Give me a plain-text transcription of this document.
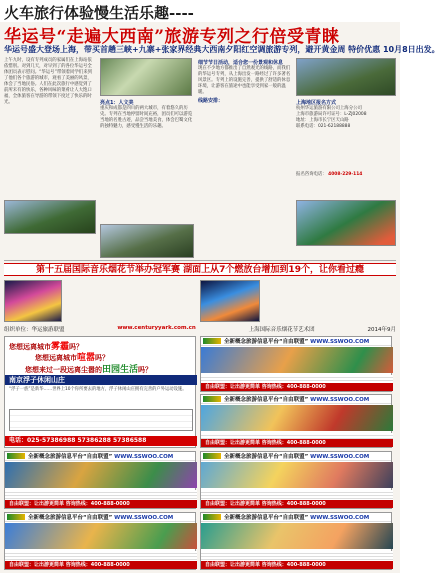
火车旅行体验慢生活乐趣----
华运号“走遍大西南”旅游专列之行倍受青睐
华运号盛大登场上海，带买首趟三峡+九寨+张家界经典大西南夕阳红空调旅游专列，避开黄金周 特价优惠 10月8日出发。
上午九时，设有专列成员的家属们在上海站依依惜别。对到几天，对早到了的各位华运号全体团员表示慰问。“华运号”带领着同学们来到了他们各个旅游的城市，观看了美丽的风景，体会了当地民俗。人们在此次旅行中感觉到了前所未有的快乐，各种风味的菜肴让人大饱口福，全体旅客在导游的带领下度过了快乐的时光。	亮点1：人文美
重庆和成都是四川的两大城市，有着悠久的历史。专列在当地停留时间充裕，团员们可以游览当地的名胜古迹，品尝当地美食，体会巴蜀文化的独特魅力，感受慢生活的乐趣。
细节节日活动，适合您一份景观和休息
现在不少地方都推出了自然观光的线路，而我们的华运号专列，从上海出发一路经过了许多著名风景区。专列上的设施完善，提供了舒适的休息环境，让游客在旅途中也能享受到家一般的温暖。
线路安排：	上海地区报名方式
杭州华运旅游有限公司上海分公司
上海市旅游局许可证号：L-ZJ02008
地址：上海市长宁区天山路
联系电话：021-62188888
报名咨询电话： 4008-229-114
第十五届国际音乐烟花节举办冠军赛 湖面上从7个燃放台增加到19个，让你看过瘾
组织单位：华运旅游联盟	www.centuryyark.com.cn	上海国际音乐烟花节艺术团	2014年9月
您想远离城市雾霾吗？
您想远离城市喧嚣吗？
您想来过一段远离尘嚣的田园生活吗？
南京浮子休闲山庄
“浮子一族”是新华……世界上10个你所要去的地方，浮子休闲山庄拥有完善的户外运动设施。
电话：025-57386988 57386288 57386588
全新概念旅游信息平台“自由联盟” WWW.SSWOO.COM
自由联盟：让出游更简单 咨询热线：400-888-0000
全新概念旅游信息平台“自由联盟” WWW.SSWOO.COM
自由联盟：让出游更简单 咨询热线：400-888-0000
全新概念旅游信息平台“自由联盟” WWW.SSWOO.COM
自由联盟：让出游更简单 咨询热线：400-888-0000
全新概念旅游信息平台“自由联盟” WWW.SSWOO.COM
自由联盟：让出游更简单 咨询热线：400-888-0000
全新概念旅游信息平台“自由联盟” WWW.SSWOO.COM
自由联盟：让出游更简单 咨询热线：400-888-0000
全新概念旅游信息平台“自由联盟” WWW.SSWOO.COM
自由联盟：让出游更简单 咨询热线：400-888-0000
